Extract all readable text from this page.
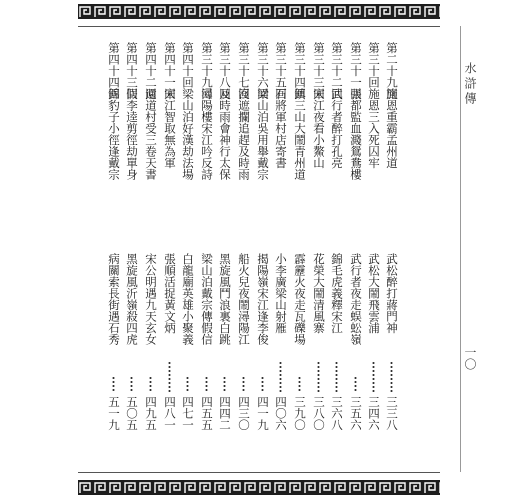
水滸傳
一〇
第二十九回
施恩重霸孟州道
武松醉打蔣門神
三三八
第三十回
施恩三入死囚牢
武松大鬧飛雲浦
三四六
第三十一回
張都監血濺鴛鴦樓
武行者夜走蜈蚣嶺
三五六
第三十二回
武行者醉打孔亮
錦毛虎義釋宋江
三六八
第三十三回
宋江夜看小鰲山
花榮大鬧清風寨
三八〇
第三十四回
鎮三山大鬧青州道
霹靂火夜走瓦礫場
三九〇
第三十五回
石將軍村店寄書
小李廣梁山射雁
四〇六
第三十六回
梁山泊吳用舉戴宗
揭陽嶺宋江逢李俊
四一九
第三十七回
沒遮攔追趕及時雨
船火兒夜鬧潯陽江
四三〇
第三十八回
及時雨會神行太保
黑旋風鬥浪裏白跳
四四二
第三十九回
潯陽樓宋江吟反詩
梁山泊戴宗傳假信
四五五
第四十回
梁山泊好漢劫法場
白龍廟英雄小聚義
四七一
第四十一回
宋江智取無為軍
張順活捉黃文炳
四八一
第四十二回
還道村受三卷天書
宋公明遇九天玄女
四九五
第四十三回
假李逵剪徑劫單身
黑旋風沂嶺殺四虎
五〇五
第四十四回
錦豹子小徑逢戴宗
病關索長街遇石秀
五一九
